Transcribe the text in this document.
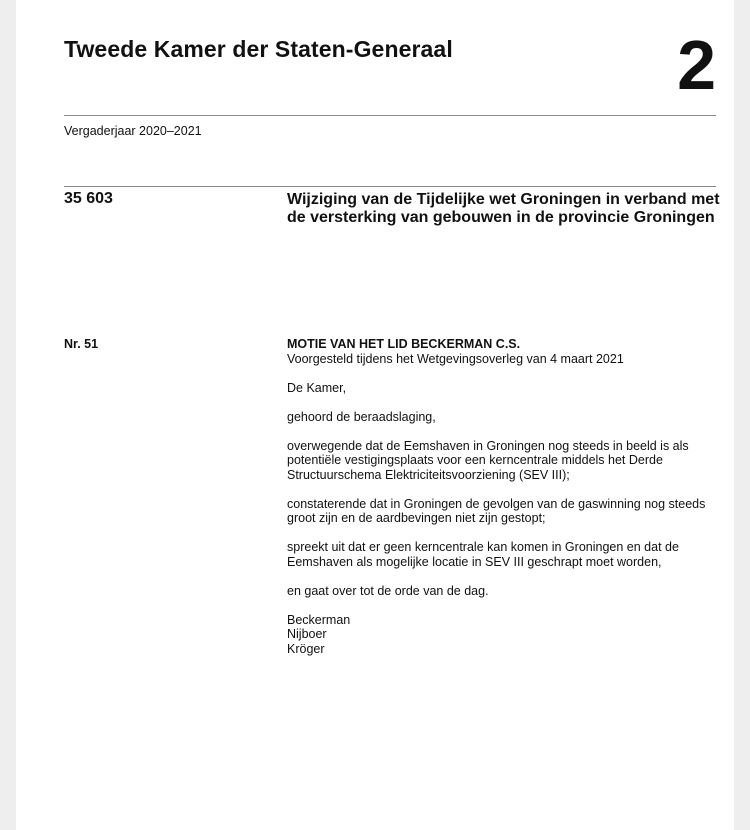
Tweede Kamer der Staten-Generaal	2
Vergaderjaar 2020–2021
35 603	Wijziging van de Tijdelijke wet Groningen in verband met de versterking van gebouwen in de provincie Groningen
Nr. 51	MOTIE VAN HET LID BECKERMAN C.S.
Voorgesteld tijdens het Wetgevingsoverleg van 4 maart 2021

De Kamer,

gehoord de beraadslaging,

overwegende dat de Eemshaven in Groningen nog steeds in beeld is als potentiële vestigingsplaats voor een kerncentrale middels het Derde Structuurschema Elektriciteitsvoorziening (SEV III);

constaterende dat in Groningen de gevolgen van de gaswinning nog steeds groot zijn en de aardbevingen niet zijn gestopt;

spreekt uit dat er geen kerncentrale kan komen in Groningen en dat de Eemshaven als mogelijke locatie in SEV III geschrapt moet worden,

en gaat over tot de orde van de dag.

Beckerman
Nijboer
Kröger
